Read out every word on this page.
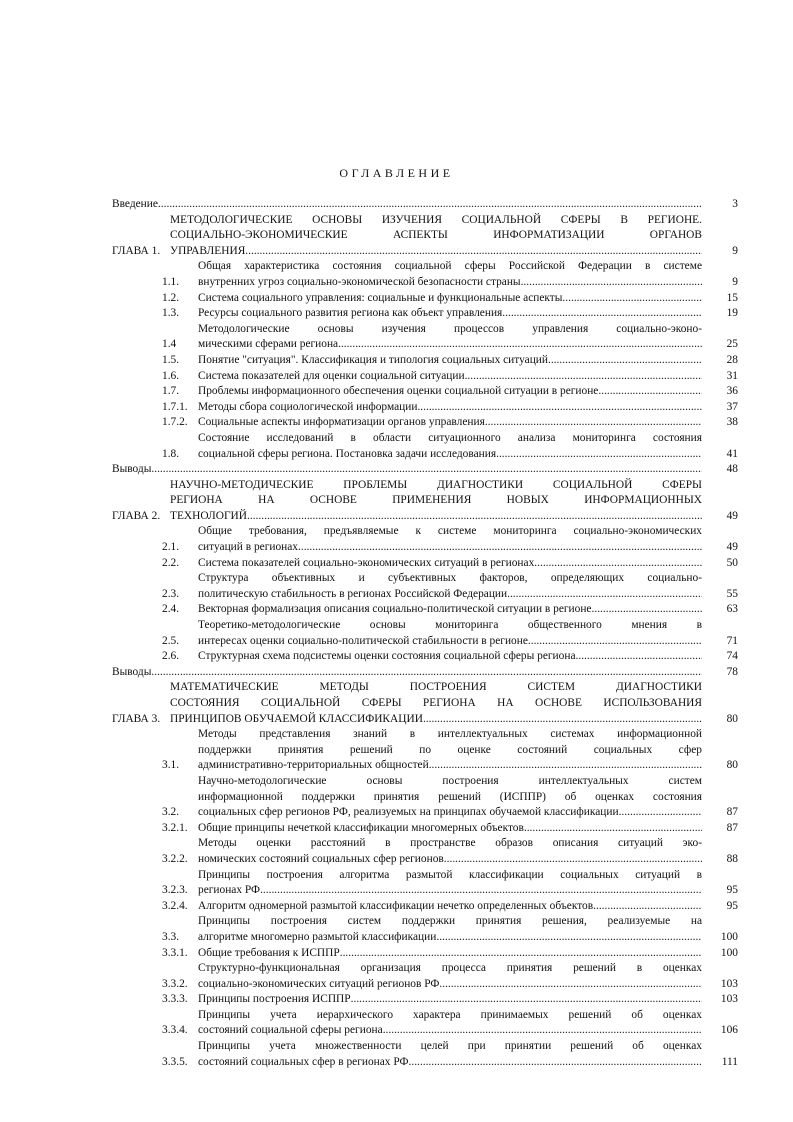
ОГЛАВЛЕНИЕ
Введение .....	3
ГЛАВА 1.
МЕТОДОЛОГИЧЕСКИЕ ОСНОВЫ ИЗУЧЕНИЯ СОЦИАЛЬНОЙ СФЕРЫ В РЕГИОНЕ.
СОЦИАЛЬНО-ЭКОНОМИЧЕСКИЕ АСПЕКТЫ ИНФОРМАТИЗАЦИИ ОРГАНОВ
УПРАВЛЕНИЯ .....	9
1.1.
Общая характеристика состояния социальной сферы Российской Федерации в системе
внутренних угроз социально-экономической безопасности страны .....	9
1.2.	Система социального управления: социальные и функциональные аспекты .....	15
1.3.	Ресурсы социального развития региона как объект управления .....	19
1.4
Методологические основы изучения процессов управления социально-эконо-
мическими сферами региона .....	25
1.5.	Понятие "ситуация". Классификация и типология социальных ситуаций .....	28
1.6.	Система показателей для оценки социальной ситуации .....	31
1.7.	Проблемы информационного обеспечения оценки социальной ситуации в регионе .....	36
1.7.1. Методы сбора социологической информации .....	37
1.7.2. Социальные аспекты информатизации органов управления .....	38
1.8.
Состояние исследований в области ситуационного анализа мониторинга состояния
социальной сферы региона. Постановка задачи исследования .....	41
Выводы .....	48
ГЛАВА 2.
НАУЧНО-МЕТОДИЧЕСКИЕ ПРОБЛЕМЫ ДИАГНОСТИКИ СОЦИАЛЬНОЙ СФЕРЫ
РЕГИОНА НА ОСНОВЕ ПРИМЕНЕНИЯ НОВЫХ ИНФОРМАЦИОННЫХ
ТЕХНОЛОГИЙ .....	49
2.1.
Общие требования, предъявляемые к системе мониторинга социально-экономических
ситуаций в регионах .....	49
2.2.	Система показателей социально-экономических ситуаций в регионах .....	50
2.3.
Структура объективных и субъективных факторов, определяющих социально-
политическую стабильность в регионах Российской Федерации .....	55
2.4.	Векторная формализация описания социально-политической ситуации в регионе .....	63
2.5.
Теоретико-методологические основы мониторинга общественного мнения в
интересах оценки социально-политической стабильности в регионе .....	71
2.6.	Структурная схема подсистемы оценки состояния социальной сферы региона .....	74
Выводы .....	78
ГЛАВА 3.
МАТЕМАТИЧЕСКИЕ МЕТОДЫ ПОСТРОЕНИЯ СИСТЕМ ДИАГНОСТИКИ
СОСТОЯНИЯ СОЦИАЛЬНОЙ СФЕРЫ РЕГИОНА НА ОСНОВЕ ИСПОЛЬЗОВАНИЯ
ПРИНЦИПОВ ОБУЧАЕМОЙ КЛАССИФИКАЦИИ .....	80
3.1.
Методы представления знаний в интеллектуальных системах информационной
поддержки принятия решений по оценке состояний социальных сфер
административно-территориальных общностей .....	80
3.2.
Научно-методологические основы построения интеллектуальных систем
информационной поддержки принятия решений (ИСППР) об оценках состояния
социальных сфер регионов РФ, реализуемых на принципах обучаемой классификации .....	87
3.2.1. Общие принципы нечеткой классификации многомерных объектов .....	87
3.2.2.
Методы оценки расстояний в пространстве образов описания ситуаций эко-
номических состояний социальных сфер регионов .....	88
3.2.3.
Принципы построения алгоритма размытой классификации социальных ситуаций в
регионах РФ .....	95
3.2.4. Алгоритм одномерной размытой классификации нечетко определенных объектов .....	95
3.3.
Принципы построения систем поддержки принятия решения, реализуемые на
алгоритме многомерно размытой классификации .....	100
3.3.1. Общие требования к ИСППР .....	100
3.3.2.
Структурно-функциональная организация процесса принятия решений в оценках
социально-экономических ситуаций регионов РФ .....	103
3.3.3. Принципы построения ИСППР .....	103
3.3.4.
Принципы учета иерархического характера принимаемых решений об оценках
состояний социальной сферы региона .....	106
3.3.5.
Принципы учета множественности целей при принятии решений об оценках
состояний социальных сфер в регионах РФ .....	111
